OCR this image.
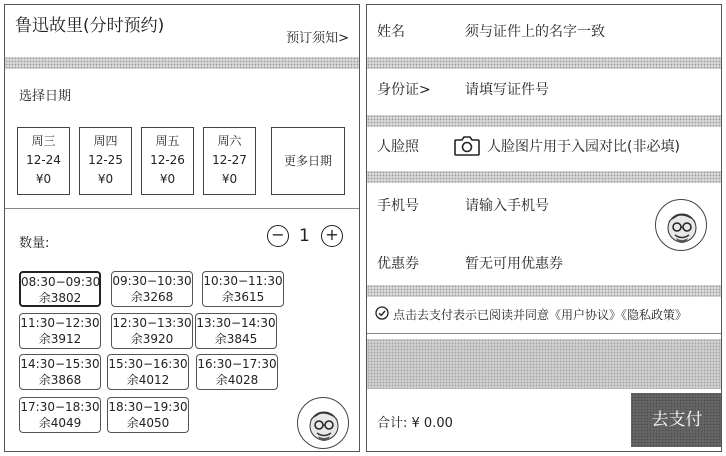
鲁迅故里(分时预约)
预订须知>
选择日期
周三
12-24
¥0
周四
12-25
¥0
周五
12-26
¥0
周六
12-27
¥0
更多日期
数量:	− 1 +
08:30−09:30
余3802
09:30−10:30
余3268
10:30−11:30
余3615
11:30−12:30
余3912
12:30−13:30
余3920
13:30−14:30
余3845
14:30−15:30
余3868
15:30−16:30
余4012
16:30−17:30
余4028
17:30−18:30
余4049
18:30−19:30
余4050
姓名	须与证件上的名字一致
身份证> 请填写证件号
人脸照	人脸图片用于入园对比(非必填)
手机号	请输入手机号
优惠券	暂无可用优惠券
点击去支付表示已阅读并同意《用户协议》《隐私政策》
合计: ¥ 0.00	去支付
